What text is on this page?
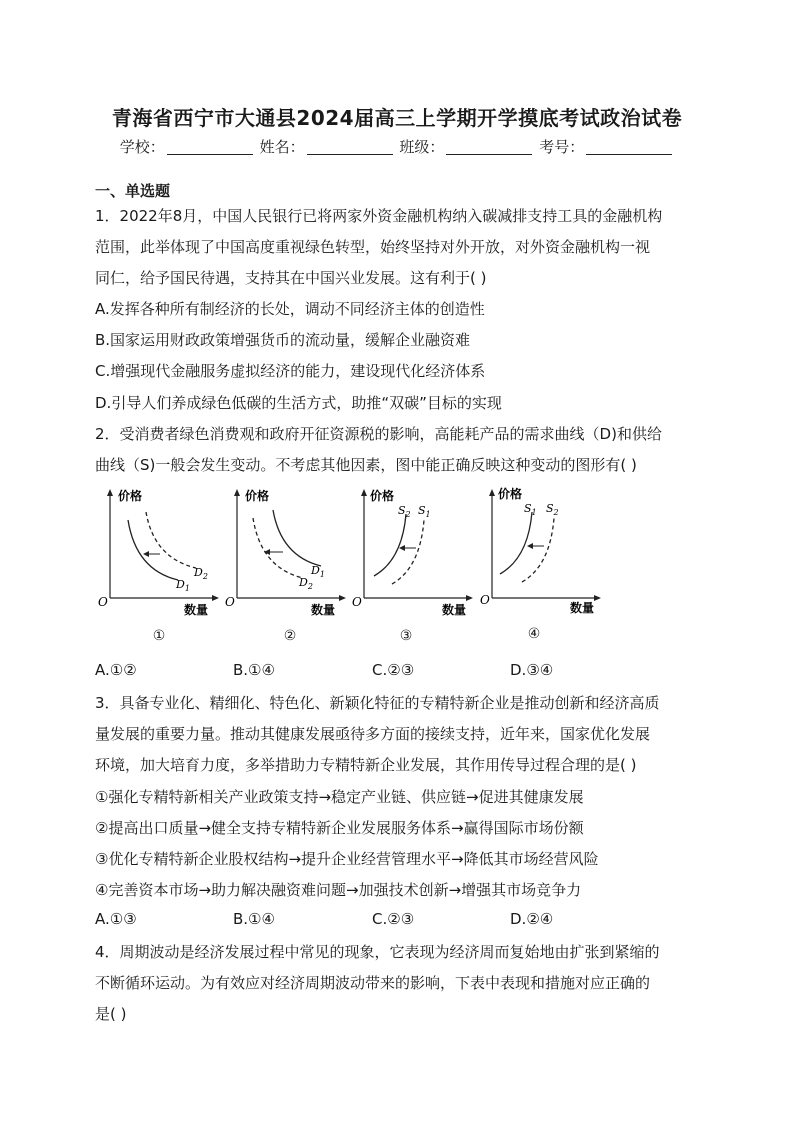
青海省西宁市大通县2024届高三上学期开学摸底考试政治试卷
学校：	姓名：	班级：	考号：
一、单选题
1．2022年8月，中国人民银行已将两家外资金融机构纳入碳减排支持工具的金融机构
范围，此举体现了中国高度重视绿色转型，始终坚持对外开放，对外资金融机构一视
同仁，给予国民待遇，支持其在中国兴业发展。这有利于( )
A.发挥各种所有制经济的长处，调动不同经济主体的创造性
B.国家运用财政政策增强货币的流动量，缓解企业融资难
C.增强现代金融服务虚拟经济的能力，建设现代化经济体系
D.引导人们养成绿色低碳的生活方式，助推“双碳”目标的实现
2．受消费者绿色消费观和政府开征资源税的影响，高能耗产品的需求曲线（D)和供给
曲线（S)一般会发生变动。不考虑其他因素，图中能正确反映这种变动的图形有( )
价格
数量
O
$D_1$
$D_2$
价格
数量
O
$D_1$
$D_2$
价格
数量
O
$S_2$ $S_1$
价格
数量
O
$S_1$ $S_2$
①	②	③	④
A.①②	B.①④	C.②③	D.③④
3．具备专业化、精细化、特色化、新颖化特征的专精特新企业是推动创新和经济高质
量发展的重要力量。推动其健康发展亟待多方面的接续支持，近年来，国家优化发展
环境，加大培育力度，多举措助力专精特新企业发展，其作用传导过程合理的是( )
①强化专精特新相关产业政策支持→稳定产业链、供应链→促进其健康发展
②提高出口质量→健全支持专精特新企业发展服务体系→赢得国际市场份额
③优化专精特新企业股权结构→提升企业经营管理水平→降低其市场经营风险
④完善资本市场→助力解决融资难问题→加强技术创新→增强其市场竞争力
A.①③	B.①④	C.②③	D.②④
4．周期波动是经济发展过程中常见的现象，它表现为经济周而复始地由扩张到紧缩的
不断循环运动。为有效应对经济周期波动带来的影响，下表中表现和措施对应正确的
是( )
